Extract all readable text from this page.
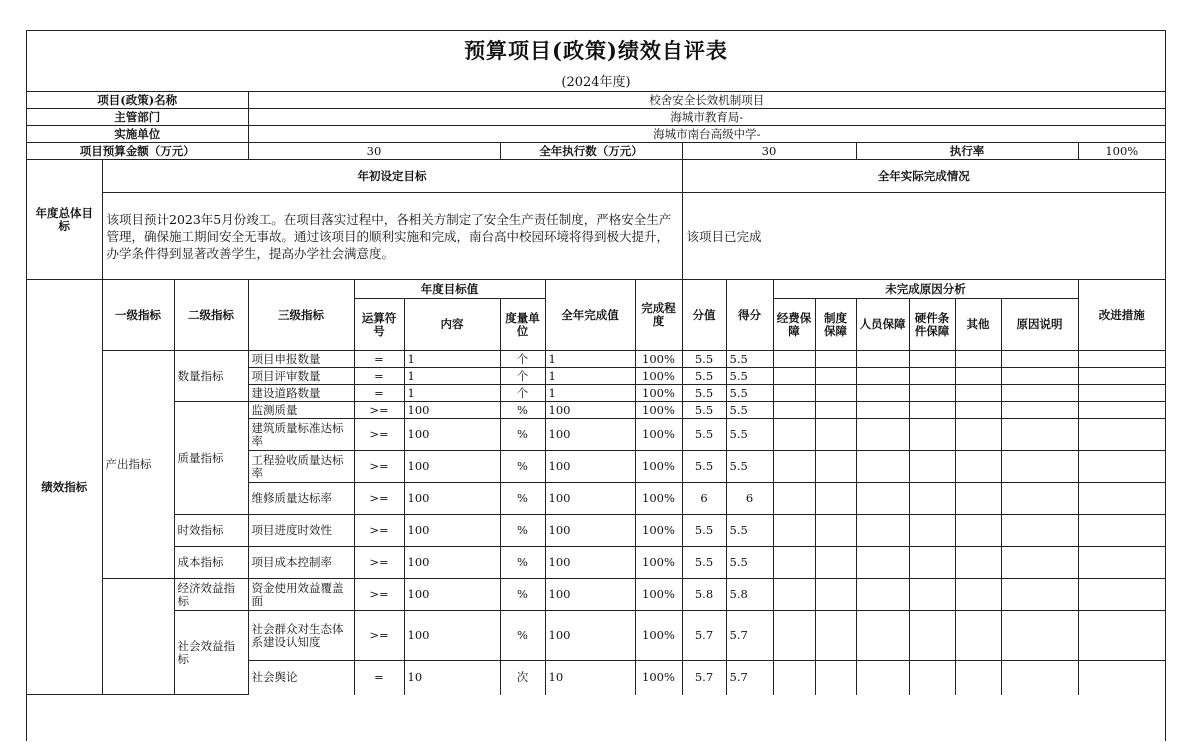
预算项目(政策)绩效自评表
(2024年度)
项目(政策)名称			校舍安全长效机制项目														
主管部门			海城市教育局-														
实施单位			海城市南台高级中学-														
项目预算金额（万元）			30			全年执行数（万元）			30				执行率				100%
年度总体目标	年初设定目标								全年实际完成情况								
	该项目预计2023年5月份竣工。在项目落实过程中，各相关方制定了安全生产责任制度，严格安全生产管理，确保施工期间安全无事故。通过该项目的顺利实施和完成，南台高中校园环境将得到极大提升，办学条件得到显著改善学生，提高办学社会满意度。								该项目已完成								
绩效指标	一级指标	二级指标	三级指标	年度目标值			全年完成值	完成程度	分值	得分	未完成原因分析						改进措施
				运算符号	内容	度量单位					经费保障	制度保障	人员保障	硬件条件保障	其他	原因说明	
	产出指标	数量指标	项目申报数量	=	1	个	1	100%	5.5	5.5							
			项目评审数量	=	1	个	1	100%	5.5	5.5							
			建设道路数量	=	1	个	1	100%	5.5	5.5							
		质量指标	监测质量	>=	100	%	100	100%	5.5	5.5							
			建筑质量标准达标率	>=	100	%	100	100%	5.5	5.5							
			工程验收质量达标率	>=	100	%	100	100%	5.5	5.5							
			维修质量达标率	>=	100	%	100	100%	6	6							
		时效指标	项目进度时效性	>=	100	%	100	100%	5.5	5.5							
		成本指标	项目成本控制率	>=	100	%	100	100%	5.5	5.5							
		经济效益指标	资金使用效益覆盖面	>=	100	%	100	100%	5.8	5.8							
		社会效益指标	社会群众对生态体系建设认知度	>=	100	%	100	100%	5.7	5.7							
			社会舆论	=	10	次	10	100%	5.7	5.7							
